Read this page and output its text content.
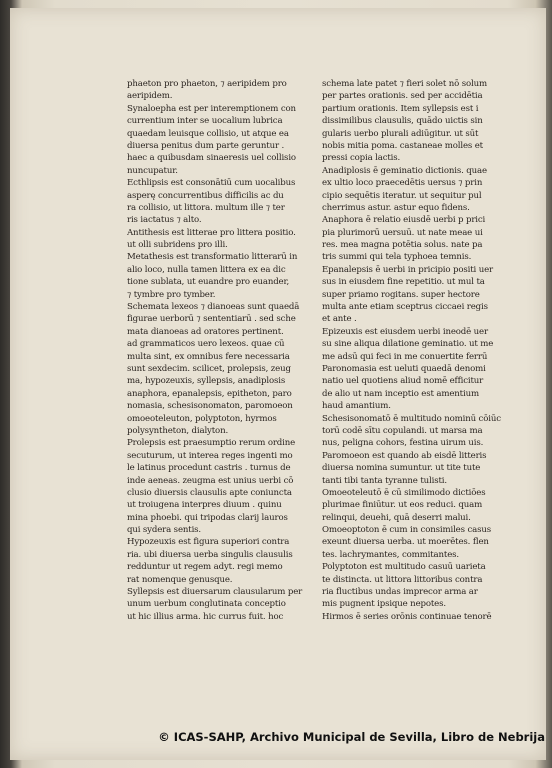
phaeton pro phaeton, ⁊ aeripidem pro
aeripidem.
Synaloepha est per interemptionem con
currentium inter se uocalium lubrica
quaedam leuisque collisio, ut atque ea
diuersa penitus dum parte geruntur .
haec a quibusdam sinaeresis uel collisio
nuncupatur.
Ecthlipsis est consonātiū cum uocalibus
asperę concurrentibus difficilis ac du
ra collisio, ut littora. multum ille ⁊ ter
ris iactatus ⁊ alto.
Antithesis est litterae pro littera positio.
ut olli subridens pro illi.
Metathesis est transformatio litterarū in
alio loco, nulla tamen littera ex ea dic
tione sublata, ut euandre pro euander,
⁊ tymbre pro tymber.
Schemata lexeos ⁊ dianoeas sunt quaedā
figurae uerborū ⁊ sententiarū . sed sche
mata dianoeas ad oratores pertinent.
ad grammaticos uero lexeos. quae cū
multa sint, ex omnibus fere necessaria
sunt sexdecim. scilicet, prolepsis, zeug
ma, hypozeuxis, syllepsis, anadiplosis
anaphora, epanalepsis, epitheton, paro
nomasia, schesisonomaton, paromoeon
omoeoteleuton, polyptoton, hyrmos
polysyntheton, dialyton.
Prolepsis est praesumptio rerum ordine
secuturum, ut interea reges ingenti mo
le latinus procedunt castris . turnus de
inde aeneas. zeugma est unius uerbi cō
clusio diuersis clausulis apte coniuncta
ut troiugena interpres diuum . quinu
mina phoebi. qui tripodas clarij lauros
qui sydera sentis.
Hypozeuxis est figura superiori contra
ria. ubi diuersa uerba singulis clausulis
redduntur ut regem adyt. regi memo
rat nomenque genusque.
Syllepsis est diuersarum clausularum per
unum uerbum conglutinata conceptio
ut hic illius arma. hic currus fuit. hoc
schema late patet ⁊ fieri solet nō solum
per partes orationis. sed per accidētia
partium orationis. Item syllepsis est i
dissimilibus clausulis, quādo uictis sin
gularis uerbo plurali adiūgitur. ut sūt
nobis mitia poma. castaneae molles et
pressi copia lactis.
Anadiplosis ē geminatio dictionis. quae
ex ultio loco praecedētis uersus ⁊ prin
cipio sequētis iteratur. ut sequitur pul
cherrimus astur. astur equo fidens.
Anaphora ē relatio eiusdē uerbi p prici
pia plurimorū uersuū. ut nate meae ui
res. mea magna potētia solus. nate pa
tris summi qui tela typhoea temnis.
Epanalepsis ē uerbi in pricipio positi uer
sus in eiusdem fine repetitio. ut mul ta
super priamo rogitans. super hectore
multa ante etiam sceptrus ciccaei regis
et ante .
Epizeuxis est eiusdem uerbi ineodē uer
su sine aliqua dilatione geminatio. ut me
me adsū qui feci in me conuertite ferrū
Paronomasia est ueluti quaedā denomi
natio uel quotiens aliud nomē efficitur
de alio ut nam inceptio est amentium
haud amantium.
Schesisonomatō ē multitudo nominū cōiūc
torū codē sītu copulandi. ut marsa ma
nus, peligna cohors, festina uirum uis.
Paromoeon est quando ab eisdē litteris
diuersa nomina sumuntur. ut tite tute
tanti tibi tanta tyranne tulisti.
Omoeoteleutō ē cū similimodo dictiōes
plurimae finiūtur. ut eos reduci. quam
relinqui, deuehi, quā deserri malui.
Omoeoptoton ē cum in consimiles casus
exeunt diuersa uerba. ut moerētes. flen
tes. lachrymantes, commitantes.
Polyptoton est multitudo casuū uarieta
te distincta. ut littora littoribus contra
ria fluctibus undas imprecor arma ar
mis pugnent ipsique nepotes.
Hirmos ē series orōnis continuae tenorē
© ICAS-SAHP, Archivo Municipal de Sevilla, Libro de Nebrija
